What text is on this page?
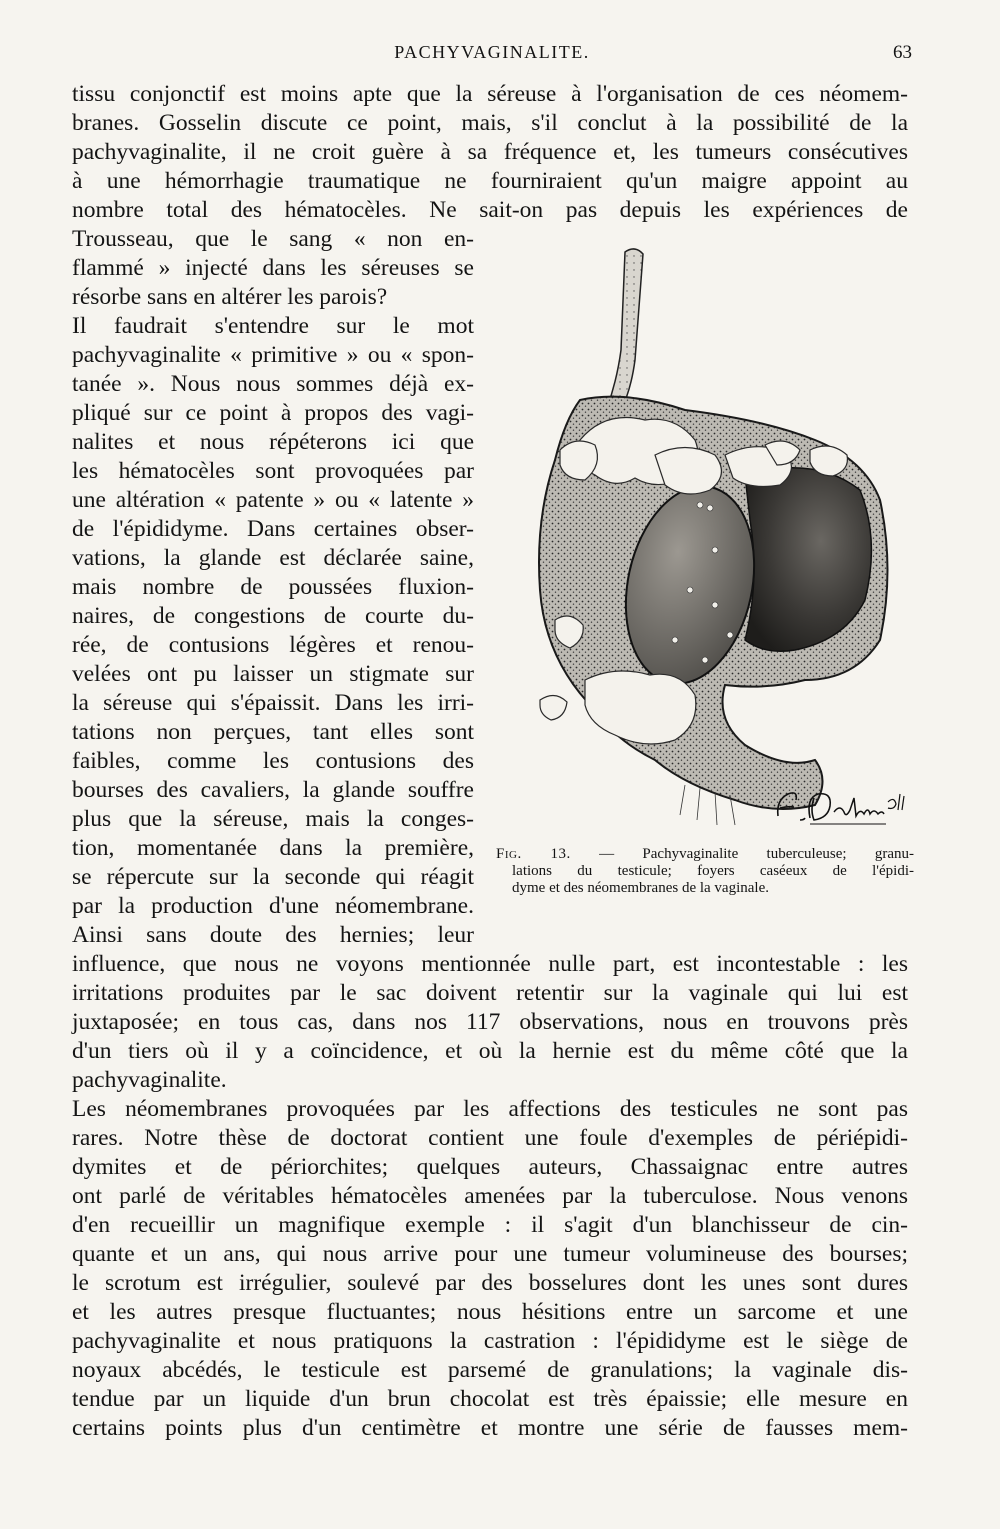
PACHYVAGINALITE.	63
tissu conjonctif est moins apte que la séreuse à l'organisation de ces néomem-
branes. Gosselin discute ce point, mais, s'il conclut à la possibilité de la
pachyvaginalite, il ne croit guère à sa fréquence et, les tumeurs consécutives
à une hémorrhagie traumatique ne fourniraient qu'un maigre appoint au
nombre total des hématocèles. Ne sait-on pas depuis les expériences de
Trousseau, que le sang « non en-
flammé » injecté dans les séreuses se
résorbe sans en altérer les parois?
Il faudrait s'entendre sur le mot
pachyvaginalite « primitive » ou « spon-
tanée ». Nous nous sommes déjà ex-
pliqué sur ce point à propos des vagi-
nalites et nous répéterons ici que
les hématocèles sont provoquées par
une altération « patente » ou « latente »
de l'épididyme. Dans certaines obser-
vations, la glande est déclarée saine,
mais nombre de poussées fluxion-
naires, de congestions de courte du-
rée, de contusions légères et renou-
velées ont pu laisser un stigmate sur
la séreuse qui s'épaissit. Dans les irri-
tations non perçues, tant elles sont
faibles, comme les contusions des
bourses des cavaliers, la glande souffre
plus que la séreuse, mais la conges-
tion, momentanée dans la première,
se répercute sur la seconde qui réagit
par la production d'une néomembrane.
Ainsi sans doute des hernies; leur
influence, que nous ne voyons mentionnée nulle part, est incontestable : les
irritations produites par le sac doivent retentir sur la vaginale qui lui est
juxtaposée; en tous cas, dans nos 117 observations, nous en trouvons près
d'un tiers où il y a coïncidence, et où la hernie est du même côté que la
pachyvaginalite.
Les néomembranes provoquées par les affections des testicules ne sont pas
rares. Notre thèse de doctorat contient une foule d'exemples de périépidi-
dymites et de périorchites; quelques auteurs, Chassaignac entre autres
ont parlé de véritables hématocèles amenées par la tuberculose. Nous venons
d'en recueillir un magnifique exemple : il s'agit d'un blanchisseur de cin-
quante et un ans, qui nous arrive pour une tumeur volumineuse des bourses;
le scrotum est irrégulier, soulevé par des bosselures dont les unes sont dures
et les autres presque fluctuantes; nous hésitions entre un sarcome et une
pachyvaginalite et nous pratiquons la castration : l'épididyme est le siège de
noyaux abcédés, le testicule est parsemé de granulations; la vaginale dis-
tendue par un liquide d'un brun chocolat est très épaissie; elle mesure en
certains points plus d'un centimètre et montre une série de fausses mem-
Fig. 13. — Pachyvaginalite tuberculeuse; granu-
lations du testicule; foyers caséeux de l'épidi-
dyme et des néomembranes de la vaginale.
